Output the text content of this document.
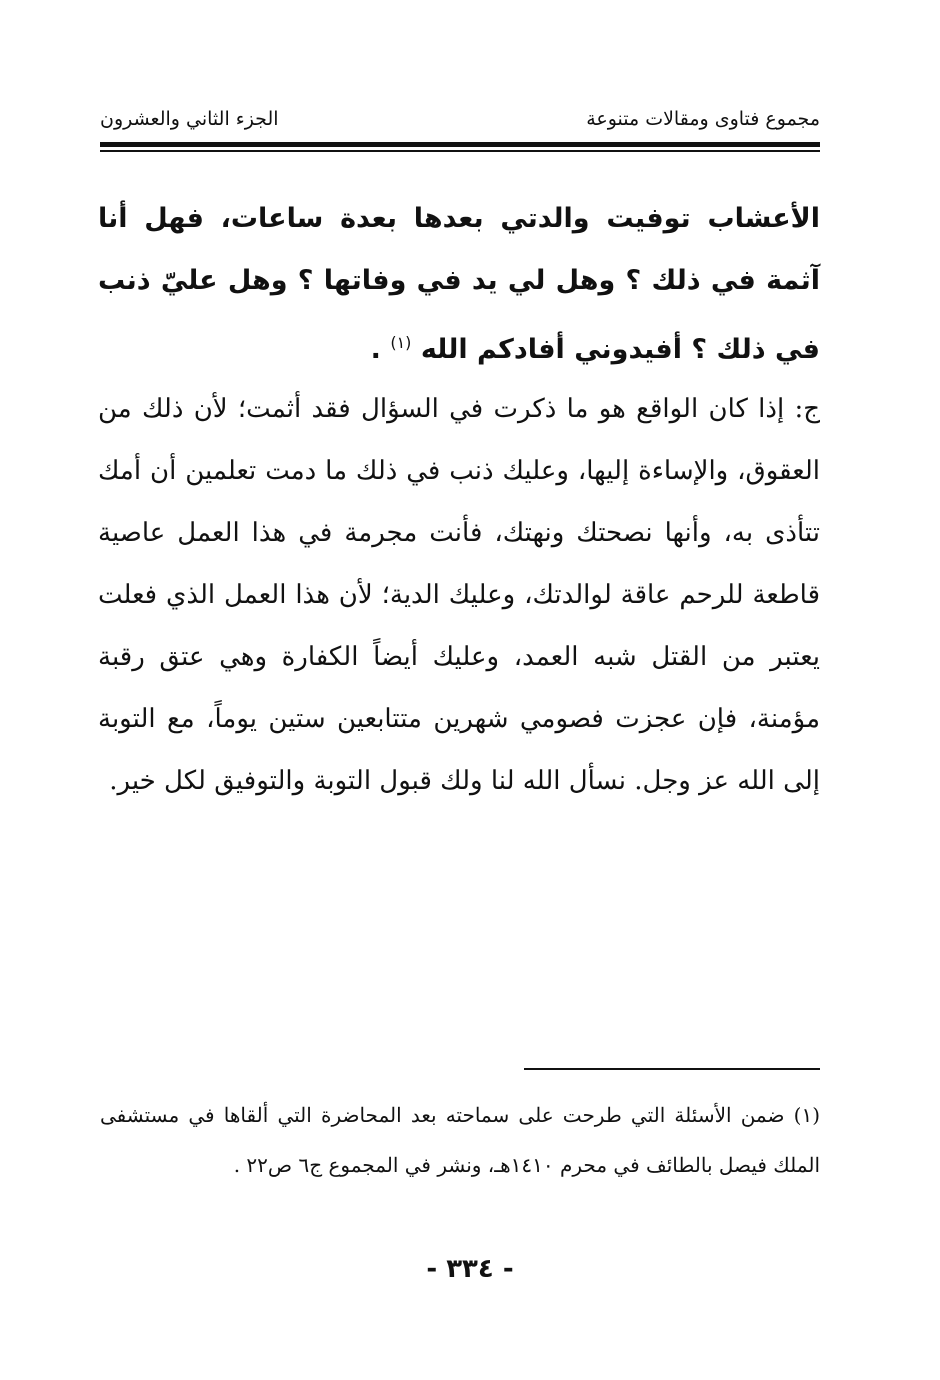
مجموع فتاوى ومقالات متنوعة
الجزء الثاني والعشرون
الأعشاب توفيت والدتي بعدها بعدة ساعات، فهل أنا آثمة في ذلك ؟ وهل لي يد في وفاتها ؟ وهل عليّ ذنب في ذلك ؟ أفيدوني أفادكم الله $^{(١)}$ .
ج: إذا كان الواقع هو ما ذكرت في السؤال فقد أثمت؛ لأن ذلك من العقوق، والإساءة إليها، وعليك ذنب في ذلك ما دمت تعلمين أن أمك تتأذى به، وأنها نصحتك ونهتك، فأنت مجرمة في هذا العمل عاصية قاطعة للرحم عاقة لوالدتك، وعليك الدية؛ لأن هذا العمل الذي فعلت يعتبر من القتل شبه العمد، وعليك أيضاً الكفارة وهي عتق رقبة مؤمنة، فإن عجزت فصومي شهرين متتابعين ستين يوماً، مع التوبة إلى الله عز وجل. نسأل الله لنا ولك قبول التوبة والتوفيق لكل خير.
(١) ضمن الأسئلة التي طرحت على سماحته بعد المحاضرة التي ألقاها في مستشفى الملك فيصل بالطائف في محرم ١٤١٠هـ، ونشر في المجموع ج٦ ص٢٢ .
- ٣٣٤ -
